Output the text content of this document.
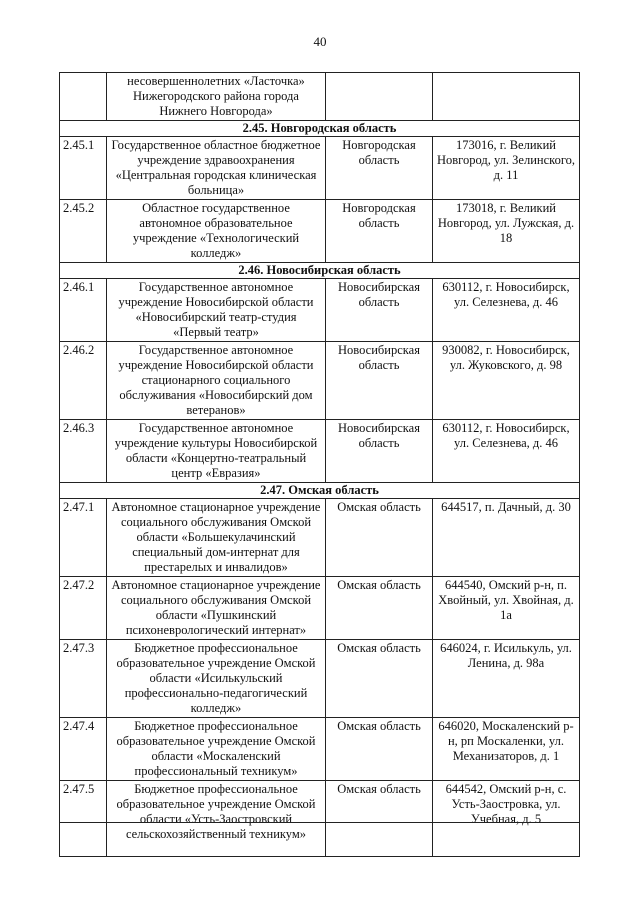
40
	несовершеннолетних «Ласточка» Нижегородского района города Нижнего Новгорода»		
2.45. Новгородская область			
2.45.1	Государственное областное бюджетное учреждение здравоохранения «Центральная городская клиническая больница»	Новгородская область	173016, г. Великий Новгород, ул. Зелинского, д. 11
2.45.2	Областное государственное автономное образовательное учреждение «Технологический колледж»	Новгородская область	173018, г. Великий Новгород, ул. Лужская, д. 18
2.46. Новосибирская область			
2.46.1	Государственное автономное учреждение Новосибирской области «Новосибирский театр-студия «Первый театр»	Новосибирская область	630112, г. Новосибирск, ул. Селезнева, д. 46
2.46.2	Государственное автономное учреждение Новосибирской области стационарного социального обслуживания «Новосибирский дом ветеранов»	Новосибирская область	930082, г. Новосибирск, ул. Жуковского, д. 98
2.46.3	Государственное автономное учреждение культуры Новосибирской области «Концертно-театральный центр «Евразия»	Новосибирская область	630112, г. Новосибирск, ул. Селезнева, д. 46
2.47. Омская область			
2.47.1	Автономное стационарное учреждение социального обслуживания Омской области «Большекулачинский специальный дом-интернат для престарелых и инвалидов»	Омская область	644517, п. Дачный, д. 30
2.47.2	Автономное стационарное учреждение социального обслуживания Омской области «Пушкинский психоневрологический интернат»	Омская область	644540, Омский р-н, п. Хвойный, ул. Хвойная, д. 1а
2.47.3	Бюджетное профессиональное образовательное учреждение Омской области «Исилькульский профессионально-педагогический колледж»	Омская область	646024, г. Исилькуль, ул. Ленина, д. 98а
2.47.4	Бюджетное профессиональное образовательное учреждение Омской области «Москаленский профессиональный техникум»	Омская область	646020, Москаленский р-н, рп Москаленки, ул. Механизаторов, д. 1
2.47.5	Бюджетное профессиональное образовательное учреждение Омской области «Усть-Заостровский сельскохозяйственный техникум»	Омская область	644542, Омский р-н, с. Усть-Заостровка, ул. Учебная, д. 5
